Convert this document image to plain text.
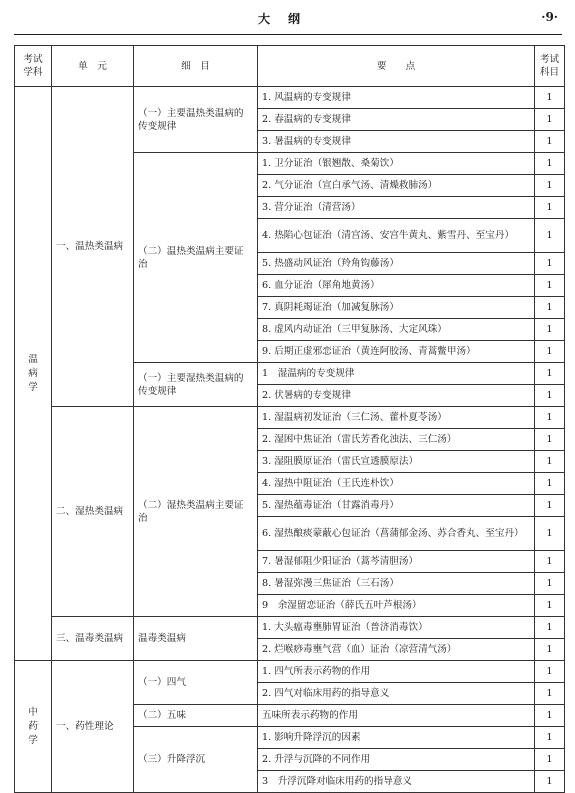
大纲	·9·
考试学科	单　元	细　目	要　　点	考试科目
温病学	一、温热类温病	（一）主要温热类温病的传变规律	1. 风温病的专变规律	1
			2. 春温病的专变规律	1
			3. 暑温病的专变规律	1
		（二）温热类温病主要证治	1. 卫分证治（银翘散、桑菊饮）	1
			2. 气分证治（宣白承气汤、清燥救肺汤）	1
			3. 营分证治（清营汤）	1
			4. 热陷心包证治（清宫汤、安宫牛黄丸、紫雪丹、至宝丹）	1
			5. 热盛动风证治（羚角钩藤汤）	1
			6. 血分证治（犀角地黄汤）	1
			7. 真阴耗竭证治（加减复脉汤）	1
			8. 虚风内动证治（三甲复脉汤、大定风珠）	1
			9. 后期正虚邪恋证治（黄连阿胶汤、青蒿鳖甲汤）	1
		（一）主要湿热类温病的传变规律	1　湿温病的专变规律	1
			2. 伏暑病的专变规律	1
	二、湿热类温病	（二）湿热类温病主要证治	1. 湿温病初发证治（三仁汤、藿朴夏苓汤）	1
			2. 湿困中焦证治（雷氏芳香化浊法、三仁汤）	1
			3. 湿阻膜原证治（雷氏宣透膜原法）	1
			4. 湿热中阻证治（王氏连朴饮）	1
			5. 湿热蕴毒证治（甘露消毒丹）	1
			6. 湿热酿痰蒙蔽心包证治（菖蒲郁金汤、苏合香丸、至宝丹）	1
			7. 暑湿郁阻少阳证治（蒿芩清胆汤）	1
			8. 暑湿弥漫三焦证治（三石汤）	1
			9　余湿留恋证治（薛氏五叶芦根汤）	1
	三、温毒类温病	温毒类温病	1. 大头瘟毒壅肺胃证治（普济消毒饮）	1
			2. 烂喉痧毒壅气营（血）证治（凉营清气汤）	1
中药学	一、药性理论	（一）四气	1. 四气所表示药物的作用	1
			2. 四气对临床用药的指导意义	1
		（二）五味	五味所表示药物的作用	1
		（三）升降浮沉	1. 影响升降浮沉的因素	1
			2. 升浮与沉降的不同作用	1
			3　升浮沉降对临床用药的指导意义	1
